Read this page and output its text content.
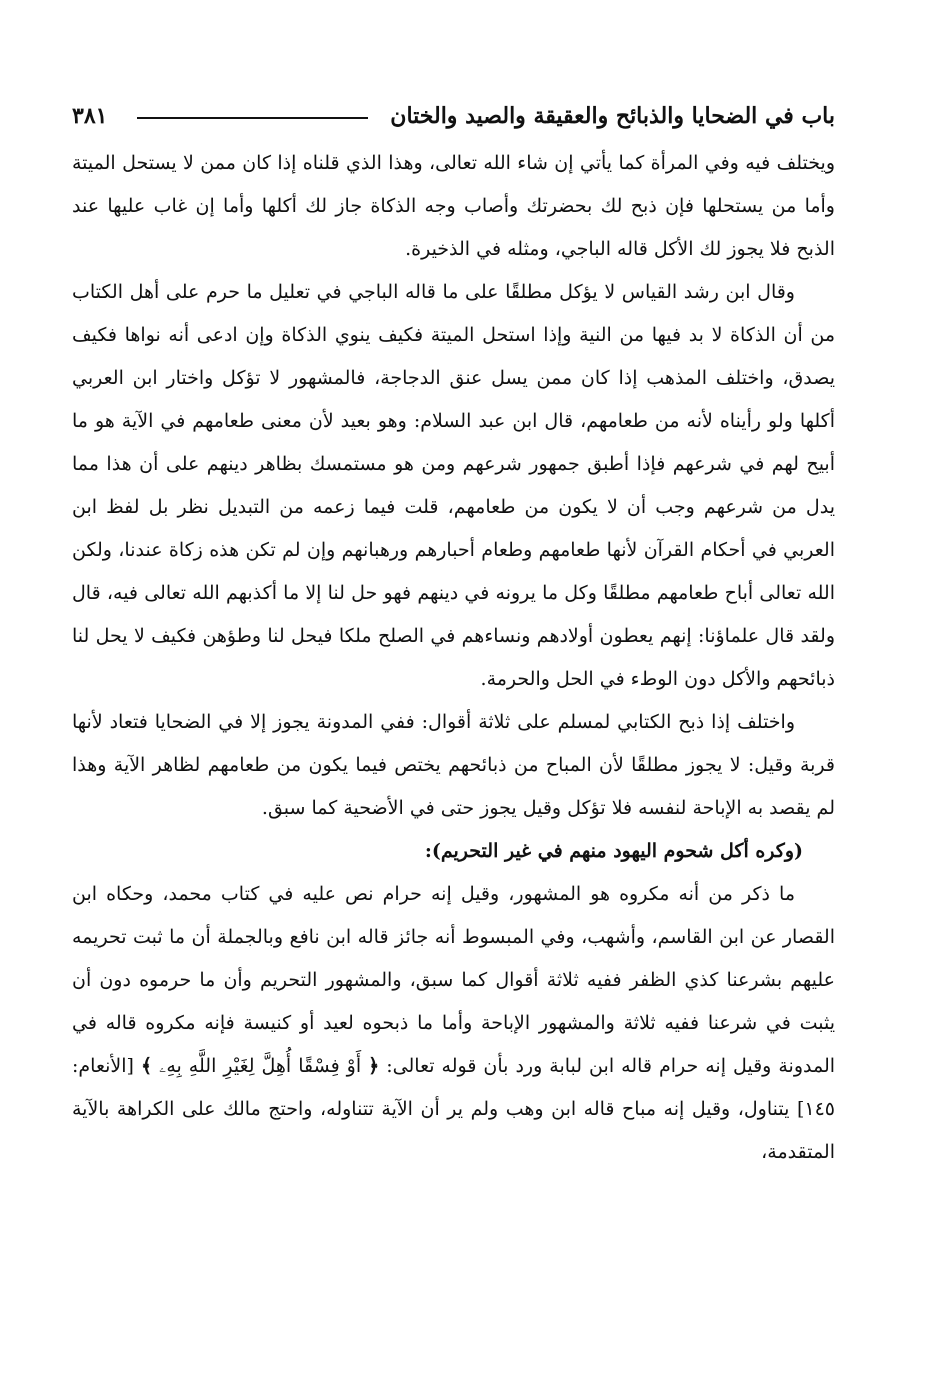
باب في الضحايا والذبائح والعقيقة والصيد والختان
٣٨١

ويختلف فيه وفي المرأة كما يأتي إن شاء الله تعالى، وهذا الذي قلناه إذا كان ممن لا يستحل الميتة وأما من يستحلها فإن ذبح لك بحضرتك وأصاب وجه الذكاة جاز لك أكلها وأما إن غاب عليها عند الذبح فلا يجوز لك الأكل قاله الباجي، ومثله في الذخيرة.

وقال ابن رشد القياس لا يؤكل مطلقًا على ما قاله الباجي في تعليل ما حرم على أهل الكتاب من أن الذكاة لا بد فيها من النية وإذا استحل الميتة فكيف ينوي الذكاة وإن ادعى أنه نواها فكيف يصدق، واختلف المذهب إذا كان ممن يسل عنق الدجاجة، فالمشهور لا تؤكل واختار ابن العربي أكلها ولو رأيناه لأنه من طعامهم، قال ابن عبد السلام: وهو بعيد لأن معنى طعامهم في الآية هو ما أبيح لهم في شرعهم فإذا أطبق جمهور شرعهم ومن هو مستمسك بظاهر دينهم على أن هذا مما يدل من شرعهم وجب أن لا يكون من طعامهم، قلت فيما زعمه من التبديل نظر بل لفظ ابن العربي في أحكام القرآن لأنها طعامهم وطعام أحبارهم ورهبانهم وإن لم تكن هذه زكاة عندنا، ولكن الله تعالى أباح طعامهم مطلقًا وكل ما يرونه في دينهم فهو حل لنا إلا ما أكذبهم الله تعالى فيه، قال ولقد قال علماؤنا: إنهم يعطون أولادهم ونساءهم في الصلح ملكا فيحل لنا وطؤهن فكيف لا يحل لنا ذبائحهم والأكل دون الوطء في الحل والحرمة.

واختلف إذا ذبح الكتابي لمسلم على ثلاثة أقوال: ففي المدونة يجوز إلا في الضحايا فتعاد لأنها قربة وقيل: لا يجوز مطلقًا لأن المباح من ذبائحهم يختص فيما يكون من طعامهم لظاهر الآية وهذا لم يقصد به الإباحة لنفسه فلا تؤكل وقيل يجوز حتى في الأضحية كما سبق.

(وكره أكل شحوم اليهود منهم في غير التحريم):

ما ذكر من أنه مكروه هو المشهور، وقيل إنه حرام نص عليه في كتاب محمد، وحكاه ابن القصار عن ابن القاسم، وأشهب، وفي المبسوط أنه جائز قاله ابن نافع وبالجملة أن ما ثبت تحريمه عليهم بشرعنا كذي الظفر ففيه ثلاثة أقوال كما سبق، والمشهور التحريم وأن ما حرموه دون أن يثبت في شرعنا ففيه ثلاثة والمشهور الإباحة وأما ما ذبحوه لعيد أو كنيسة فإنه مكروه قاله في المدونة وقيل إنه حرام قاله ابن لبابة ورد بأن قوله تعالى: ﴿ أَوْ فِسْقًا أُهِلَّ لِغَيْرِ اللَّهِ بِهِۦ ﴾ [الأنعام: ١٤٥] يتناول، وقيل إنه مباح قاله ابن وهب ولم ير أن الآية تتناوله، واحتج مالك على الكراهة بالآية المتقدمة،
